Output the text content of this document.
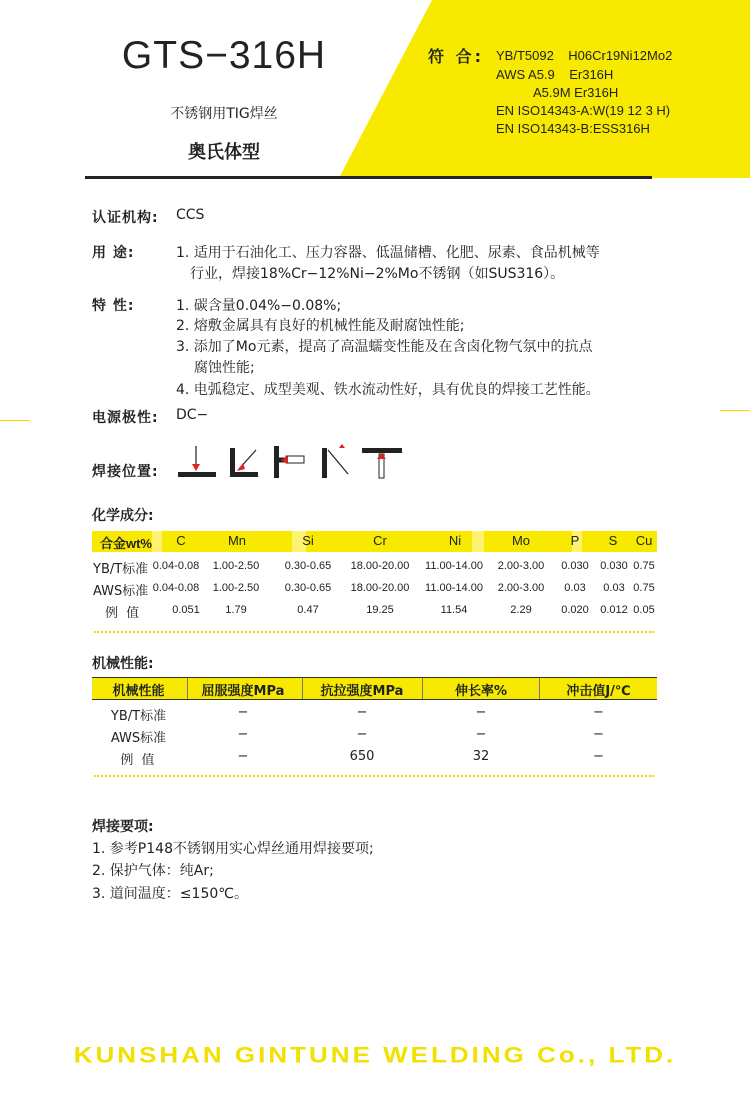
GTS−316H
不锈钢用TIG焊丝
奥氏体型
符 合: YB/T5092    H06Cr19Ni12Mo2
AWS A5.9    Er316H
A5.9M Er316H
EN ISO14343-A:W(19 12 3 H)
EN ISO14343-B:ESS316H
认证机构: CCS
用 途:	1. 适用于石油化工、压力容器、低温储槽、化肥、尿素、食品机械等
行业，焊接18%Cr−12%Ni−2%Mo不锈钢（如SUS316）。
特 性:	1. 碳含量0.04%−0.08%;
2. 熔敷金属具有良好的机械性能及耐腐蚀性能;
3. 添加了Mo元素，提高了高温蠕变性能及在含卤化物气氛中的抗点
腐蚀性能;
4. 电弧稳定、成型美观、铁水流动性好，具有优良的焊接工艺性能。
电源极性: DC−
焊接位置:
化学成分:
合金wt%	C	Mn	Si	Cr	Ni	Mo	P	S	Cu
YB/T标准 0.04-0.08	1.00-2.50	0.30-0.65	18.00-20.00	11.00-14.00	2.00-3.00	0.030 0.030 0.75
AWS标准 0.04-0.08	1.00-2.50	0.30-0.65	18.00-20.00	11.00-14.00	2.00-3.00	0.03	0.03 0.75
例 值	0.051	1.79	0.47	19.25	11.54	2.29	0.020 0.012 0.05
机械性能:
机械性能	屈服强度MPa	抗拉强度MPa	伸长率%	冲击值J/℃
YB/T标准	−	−	−	−
AWS标准	−	−	−	−
例 值	−	650	32	−
焊接要项:
1. 参考P148不锈钢用实心焊丝通用焊接要项;
2. 保护气体：纯Ar;
3. 道间温度：≤150℃。
KUNSHAN GINTUNE WELDING Co., LTD.
